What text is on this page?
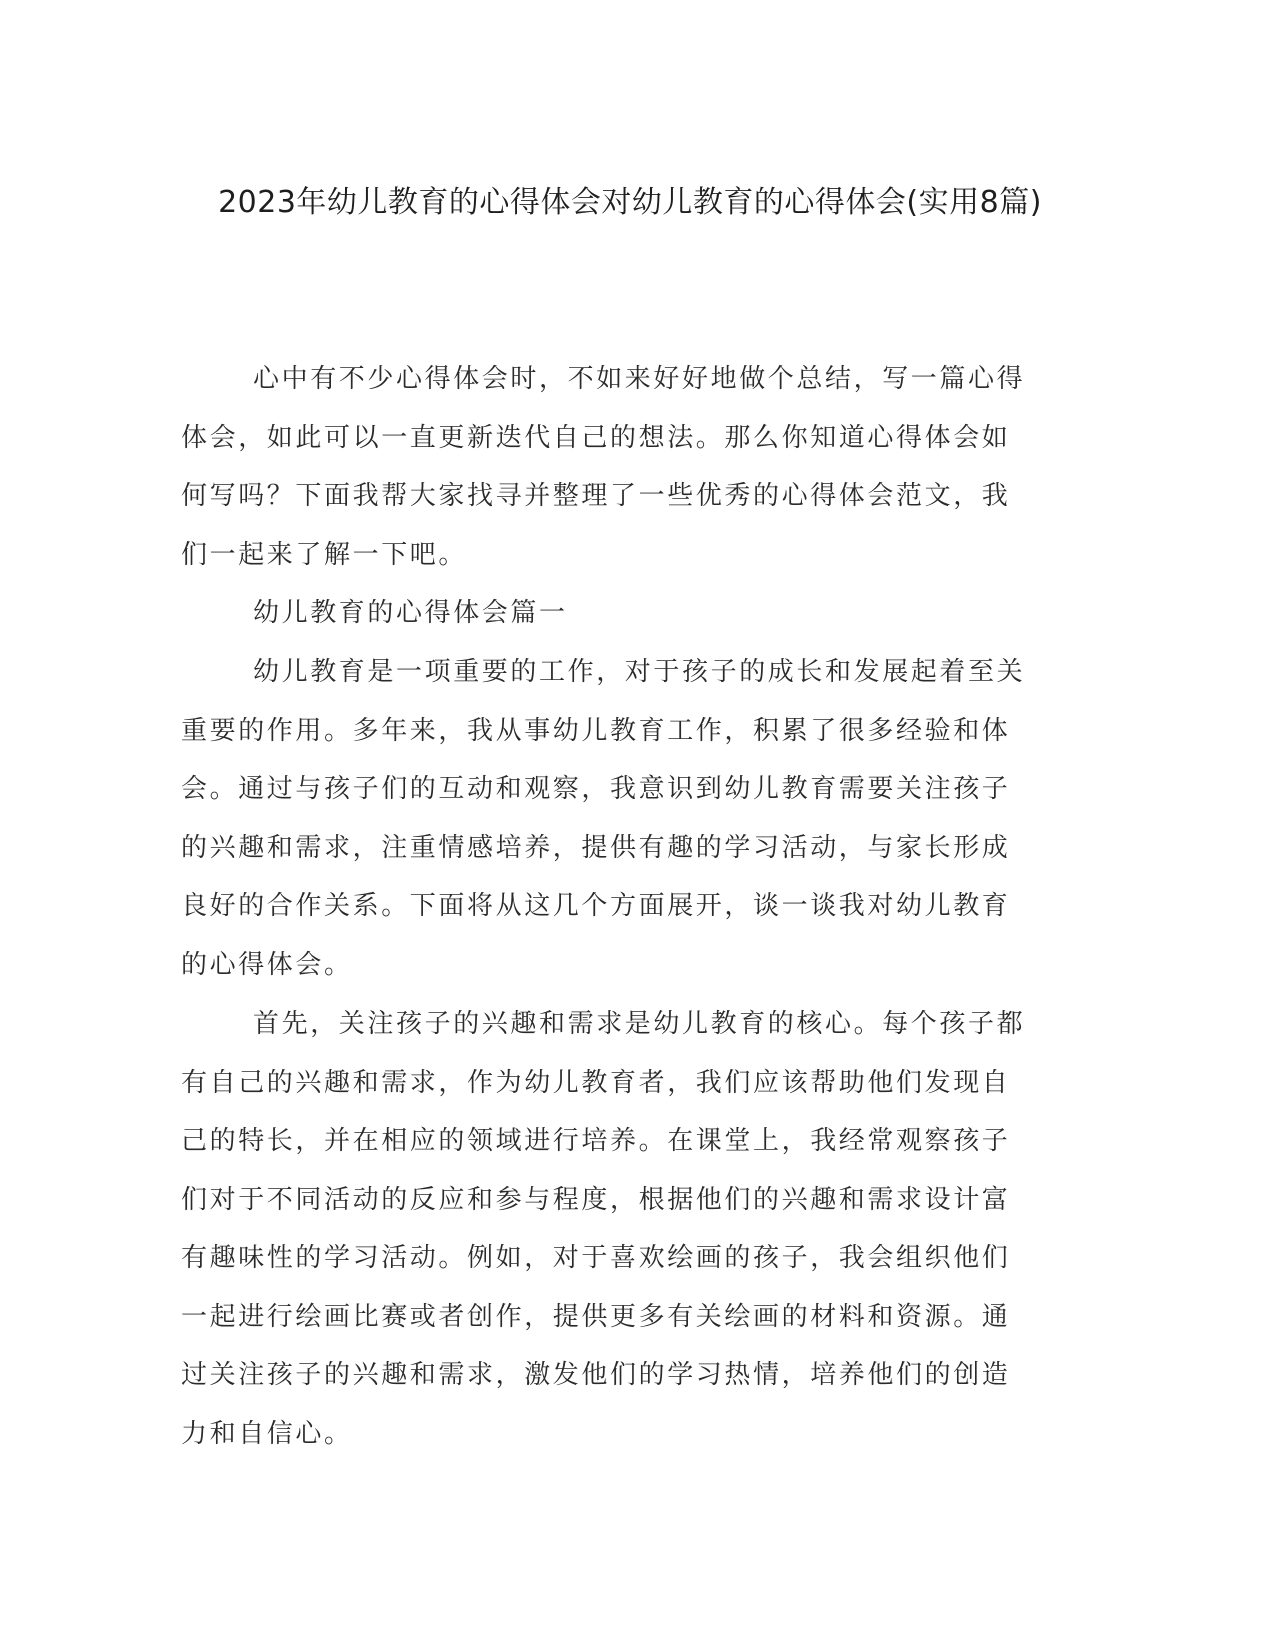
2023年幼儿教育的心得体会对幼儿教育的心得体会(实用8篇)

心中有不少心得体会时，不如来好好地做个总结，写一篇心得体会，如此可以一直更新迭代自己的想法。那么你知道心得体会如何写吗？下面我帮大家找寻并整理了一些优秀的心得体会范文，我们一起来了解一下吧。

幼儿教育的心得体会篇一

幼儿教育是一项重要的工作，对于孩子的成长和发展起着至关重要的作用。多年来，我从事幼儿教育工作，积累了很多经验和体会。通过与孩子们的互动和观察，我意识到幼儿教育需要关注孩子的兴趣和需求，注重情感培养，提供有趣的学习活动，与家长形成良好的合作关系。下面将从这几个方面展开，谈一谈我对幼儿教育的心得体会。

首先，关注孩子的兴趣和需求是幼儿教育的核心。每个孩子都有自己的兴趣和需求，作为幼儿教育者，我们应该帮助他们发现自己的特长，并在相应的领域进行培养。在课堂上，我经常观察孩子们对于不同活动的反应和参与程度，根据他们的兴趣和需求设计富有趣味性的学习活动。例如，对于喜欢绘画的孩子，我会组织他们一起进行绘画比赛或者创作，提供更多有关绘画的材料和资源。通过关注孩子的兴趣和需求，激发他们的学习热情，培养他们的创造力和自信心。
